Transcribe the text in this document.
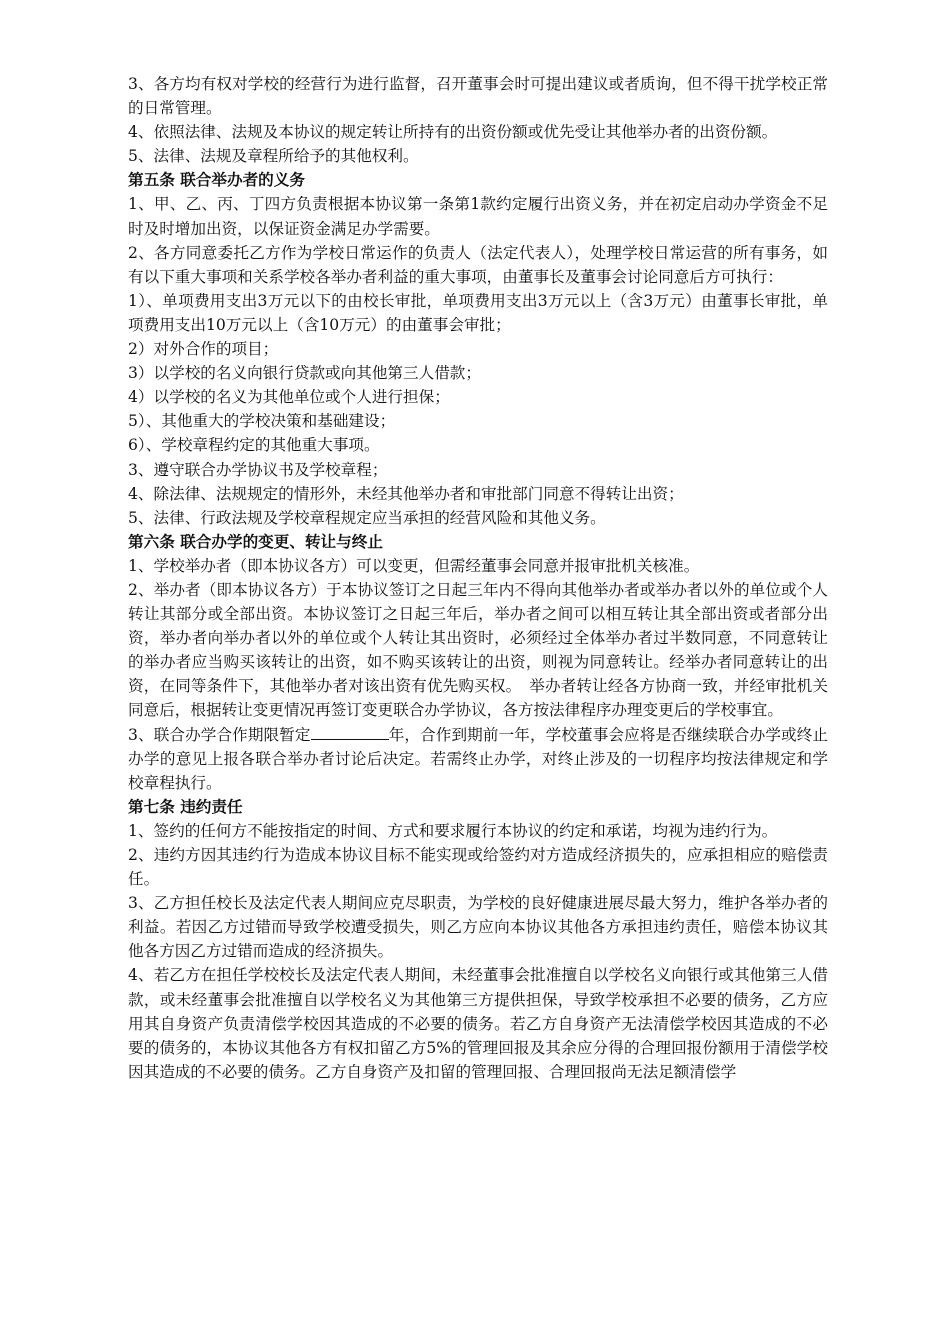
3、各方均有权对学校的经营行为进行监督，召开董事会时可提出建议或者质询，但不得干扰学校正常的日常管理。

4、依照法律、法规及本协议的规定转让所持有的出资份额或优先受让其他举办者的出资份额。

5、法律、法规及章程所给予的其他权利。

第五条 联合举办者的义务

1、甲、乙、丙、丁四方负责根据本协议第一条第1款约定履行出资义务，并在初定启动办学资金不足时及时增加出资，以保证资金满足办学需要。

2、各方同意委托乙方作为学校日常运作的负责人（法定代表人），处理学校日常运营的所有事务，如有以下重大事项和关系学校各举办者利益的重大事项，由董事长及董事会讨论同意后方可执行：

1）、单项费用支出3万元以下的由校长审批，单项费用支出3万元以上（含3万元）由董事长审批，单项费用支出10万元以上（含10万元）的由董事会审批；

2）对外合作的项目；

3）以学校的名义向银行贷款或向其他第三人借款；

4）以学校的名义为其他单位或个人进行担保；

5）、其他重大的学校决策和基础建设；

6）、学校章程约定的其他重大事项。

3、遵守联合办学协议书及学校章程；

4、除法律、法规规定的情形外，未经其他举办者和审批部门同意不得转让出资；

5、法律、行政法规及学校章程规定应当承担的经营风险和其他义务。

第六条 联合办学的变更、转让与终止

1、学校举办者（即本协议各方）可以变更，但需经董事会同意并报审批机关核准。

2、举办者（即本协议各方）于本协议签订之日起三年内不得向其他举办者或举办者以外的单位或个人转让其部分或全部出资。本协议签订之日起三年后，举办者之间可以相互转让其全部出资或者部分出资，举办者向举办者以外的单位或个人转让其出资时，必须经过全体举办者过半数同意，不同意转让的举办者应当购买该转让的出资，如不购买该转让的出资，则视为同意转让。经举办者同意转让的出资，在同等条件下，其他举办者对该出资有优先购买权。　举办者转让经各方协商一致，并经审批机关同意后，根据转让变更情况再签订变更联合办学协议，各方按法律程序办理变更后的学校事宜。

3、联合办学合作期限暂定	年，合作到期前一年，学校董事会应将是否继续联合办学或终止办学的意见上报各联合举办者讨论后决定。若需终止办学，对终止涉及的一切程序均按法律规定和学校章程执行。

第七条 违约责任

1、签约的任何方不能按指定的时间、方式和要求履行本协议的约定和承诺，均视为违约行为。

2、违约方因其违约行为造成本协议目标不能实现或给签约对方造成经济损失的，应承担相应的赔偿责任。

3、乙方担任校长及法定代表人期间应克尽职责，为学校的良好健康进展尽最大努力，维护各举办者的利益。若因乙方过错而导致学校遭受损失，则乙方应向本协议其他各方承担违约责任，赔偿本协议其他各方因乙方过错而造成的经济损失。

4、若乙方在担任学校校长及法定代表人期间，未经董事会批准擅自以学校名义向银行或其他第三人借款，或未经董事会批准擅自以学校名义为其他第三方提供担保，导致学校承担不必要的债务，乙方应用其自身资产负责清偿学校因其造成的不必要的债务。若乙方自身资产无法清偿学校因其造成的不必要的债务的，本协议其他各方有权扣留乙方5%的管理回报及其余应分得的合理回报份额用于清偿学校因其造成的不必要的债务。乙方自身资产及扣留的管理回报、合理回报尚无法足额清偿学
